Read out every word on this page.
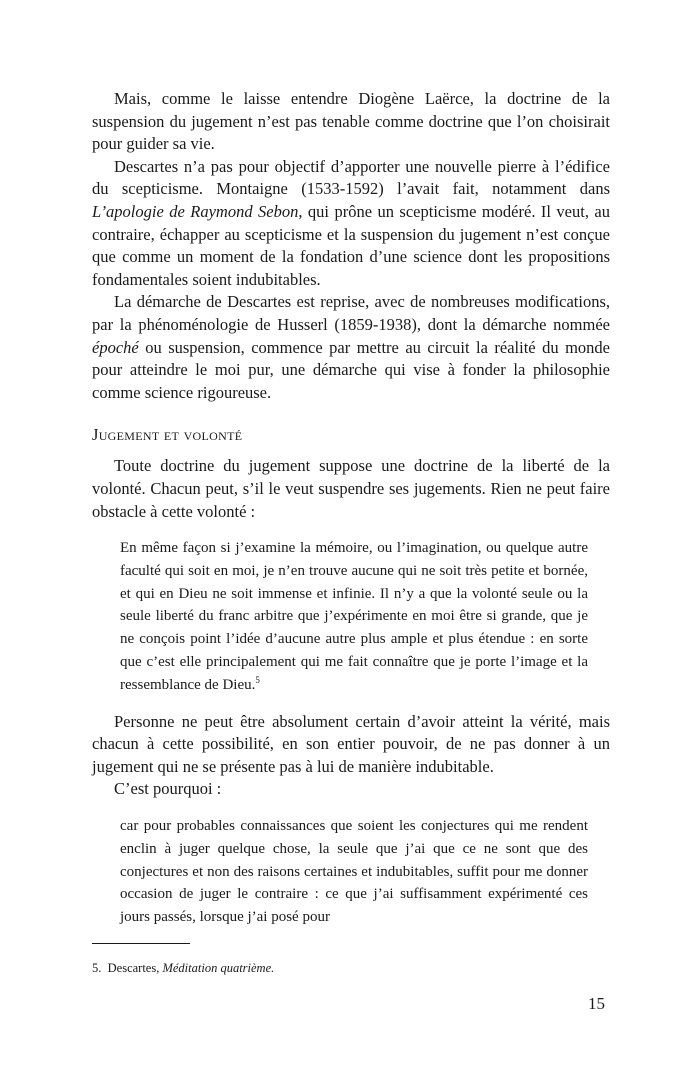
Mais, comme le laisse entendre Diogène Laërce, la doctrine de la suspension du jugement n’est pas tenable comme doctrine que l’on choisirait pour guider sa vie.

Descartes n’a pas pour objectif d’apporter une nouvelle pierre à l’édifice du scepticisme. Montaigne (1533-1592) l’avait fait, notamment dans L’apologie de Raymond Sebon, qui prône un scepticisme modéré. Il veut, au contraire, échapper au scepticisme et la suspension du jugement n’est conçue que comme un moment de la fondation d’une science dont les propositions fondamentales soient indubitables.

La démarche de Descartes est reprise, avec de nombreuses modifications, par la phénoménologie de Husserl (1859-1938), dont la démarche nommée époché ou suspension, commence par mettre au circuit la réalité du monde pour atteindre le moi pur, une démarche qui vise à fonder la philosophie comme science rigoureuse.

Jugement et volonté

Toute doctrine du jugement suppose une doctrine de la liberté de la volonté. Chacun peut, s’il le veut suspendre ses jugements. Rien ne peut faire obstacle à cette volonté :

En même façon si j’examine la mémoire, ou l’imagination, ou quelque autre faculté qui soit en moi, je n’en trouve aucune qui ne soit très petite et bornée, et qui en Dieu ne soit immense et infinie. Il n’y a que la volonté seule ou la seule liberté du franc arbitre que j’expérimente en moi être si grande, que je ne conçois point l’idée d’aucune autre plus ample et plus étendue : en sorte que c’est elle principalement qui me fait connaître que je porte l’image et la ressemblance de Dieu.$^5$

Personne ne peut être absolument certain d’avoir atteint la vérité, mais chacun à cette possibilité, en son entier pouvoir, de ne pas donner à un jugement qui ne se présente pas à lui de manière indubitable.

C’est pourquoi :

car pour probables connaissances que soient les conjectures qui me rendent enclin à juger quelque chose, la seule que j’ai que ce ne sont que des conjectures et non des raisons certaines et indubitables, suffit pour me donner occasion de juger le contraire : ce que j’ai suffisamment expérimenté ces jours passés, lorsque j’ai posé pour

5. Descartes, Méditation quatrième.
15
